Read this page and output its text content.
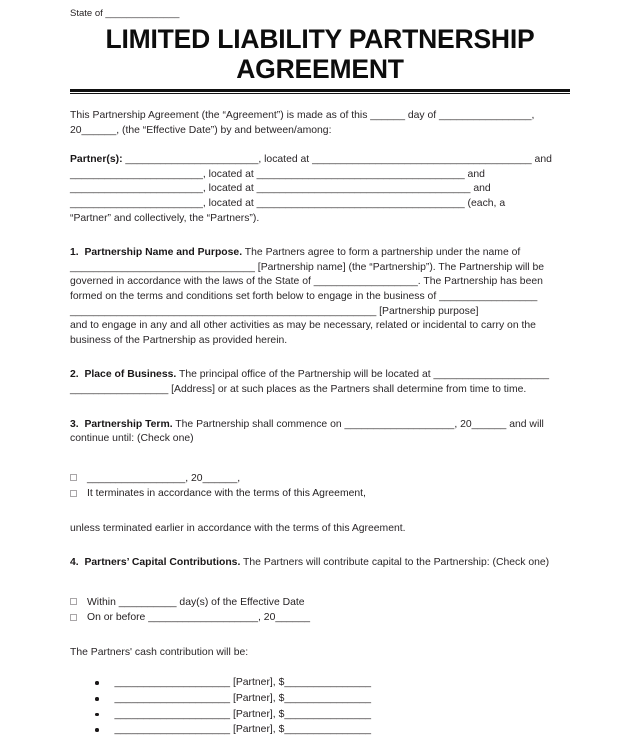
State of ______________
LIMITED LIABILITY PARTNERSHIP
AGREEMENT
This Partnership Agreement (the “Agreement”) is made as of this ______ day of ________________,
20______, (the “Effective Date”) by and between/among:
Partner(s): _______________________, located at ______________________________________ and
_______________________, located at ____________________________________ and
_______________________, located at _____________________________________ and
_______________________, located at ____________________________________ (each, a
“Partner” and collectively, the “Partners”).
1. Partnership Name and Purpose. The Partners agree to form a partnership under the name of
________________________________ [Partnership name] (the “Partnership”). The Partnership will be
governed in accordance with the laws of the State of __________________. The Partnership has been
formed on the terms and conditions set forth below to engage in the business of _________________
_____________________________________________________ [Partnership purpose]
and to engage in any and all other activities as may be necessary, related or incidental to carry on the
business of the Partnership as provided herein.
2. Place of Business. The principal office of the Partnership will be located at ____________________
_________________ [Address] or at such places as the Partners shall determine from time to time.
3. Partnership Term. The Partnership shall commence on ___________________, 20______ and will
continue until: (Check one)
_________________, 20______,
It terminates in accordance with the terms of this Agreement,
unless terminated earlier in accordance with the terms of this Agreement.
4. Partners’ Capital Contributions. The Partners will contribute capital to the Partnership: (Check one)
Within __________ day(s) of the Effective Date
On or before ___________________, 20______
The Partners' cash contribution will be:
____________________ [Partner], $_______________
____________________ [Partner], $_______________
____________________ [Partner], $_______________
____________________ [Partner], $_______________
